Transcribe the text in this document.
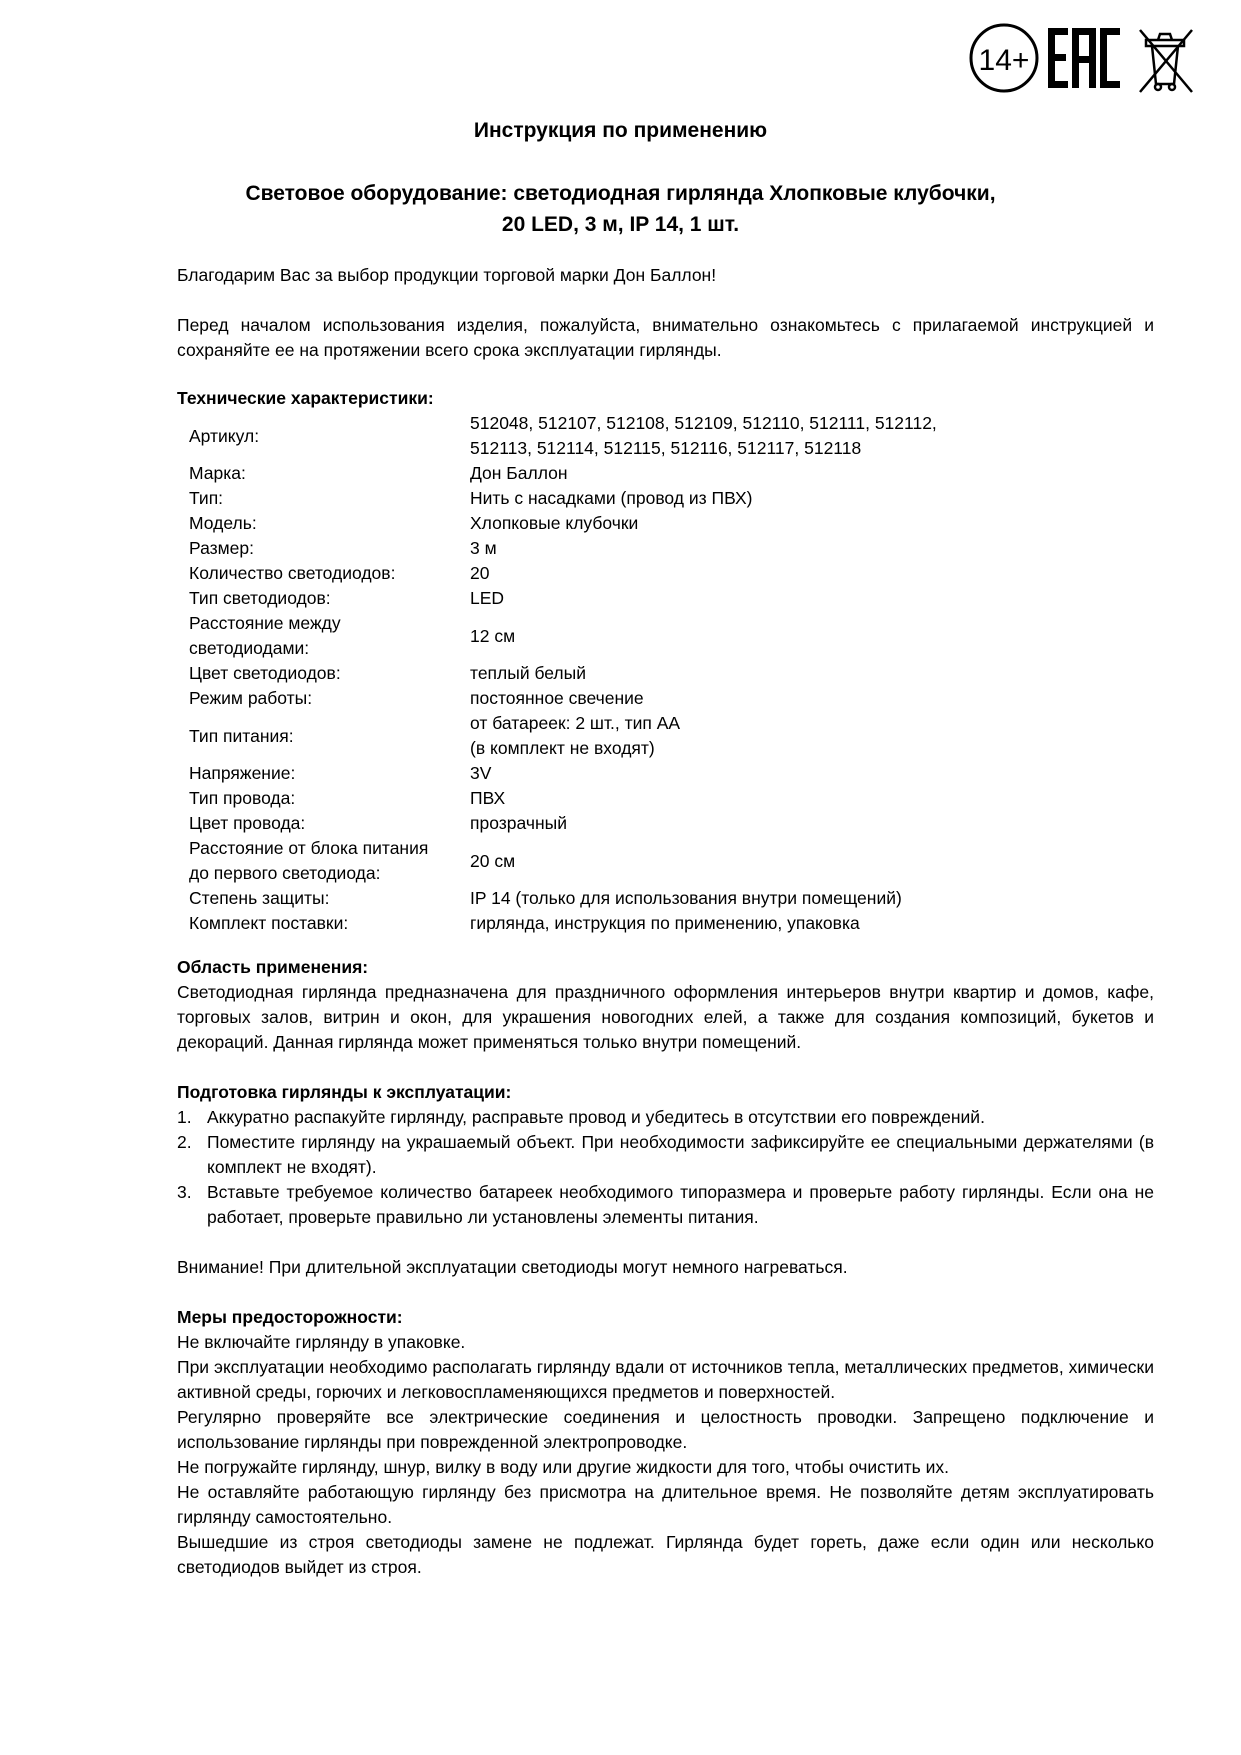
14+
Инструкция по применению
Световое оборудование: светодиодная гирлянда Хлопковые клубочки,
20 LED, 3 м, IP 14, 1 шт.

Благодарим Вас за выбор продукции торговой марки Дон Баллон!

Перед началом использования изделия, пожалуйста, внимательно ознакомьтесь с прилагаемой инструкцией и сохраняйте ее на протяжении всего срока эксплуатации гирлянды.

Технические характеристики:
Артикул:	512048, 512107, 512108, 512109, 512110, 512111, 512112,
512113, 512114, 512115, 512116, 512117, 512118

Марка:	Дон Баллон

Тип:	Нить с насадками (провод из ПВХ)

Модель:	Хлопковые клубочки

Размер:	3 м

Количество светодиодов:	20

Тип светодиодов:	LED

Расстояние между
светодиодами:	12 см

Цвет светодиодов:	теплый белый

Режим работы:	постоянное свечение

Тип питания:	от батареек: 2 шт., тип АА
(в комплект не входят)

Напряжение:	3V

Тип провода:	ПВХ

Цвет провода:	прозрачный

Расстояние от блока питания
до первого светодиода:	20 см

Степень защиты:	IP 14 (только для использования внутри помещений)

Комплект поставки:	гирлянда, инструкция по применению, упаковка
Область применения:

Светодиодная гирлянда предназначена для праздничного оформления интерьеров внутри квартир и домов, кафе, торговых залов, витрин и окон, для украшения новогодних елей, а также для создания композиций, букетов и декораций. Данная гирлянда может применяться только внутри помещений.

Подготовка гирлянды к эксплуатации:
1. Аккуратно распакуйте гирлянду, расправьте провод и убедитесь в отсутствии его повреждений.
2. Поместите гирлянду на украшаемый объект. При необходимости зафиксируйте ее специальными держателями (в комплект не входят).
3. Вставьте требуемое количество батареек необходимого типоразмера и проверьте работу гирлянды. Если она не работает, проверьте правильно ли установлены элементы питания.

Внимание! При длительной эксплуатации светодиоды могут немного нагреваться.

Меры предосторожности:

Не включайте гирлянду в упаковке.

При эксплуатации необходимо располагать гирлянду вдали от источников тепла, металлических предметов, химически активной среды, горючих и легковоспламеняющихся предметов и поверхностей.

Регулярно проверяйте все электрические соединения и целостность проводки. Запрещено подключение и использование гирлянды при поврежденной электропроводке.

Не погружайте гирлянду, шнур, вилку в воду или другие жидкости для того, чтобы очистить их.

Не оставляйте работающую гирлянду без присмотра на длительное время. Не позволяйте детям эксплуатировать гирлянду самостоятельно.

Вышедшие из строя светодиоды замене не подлежат. Гирлянда будет гореть, даже если один или несколько светодиодов выйдет из строя.
